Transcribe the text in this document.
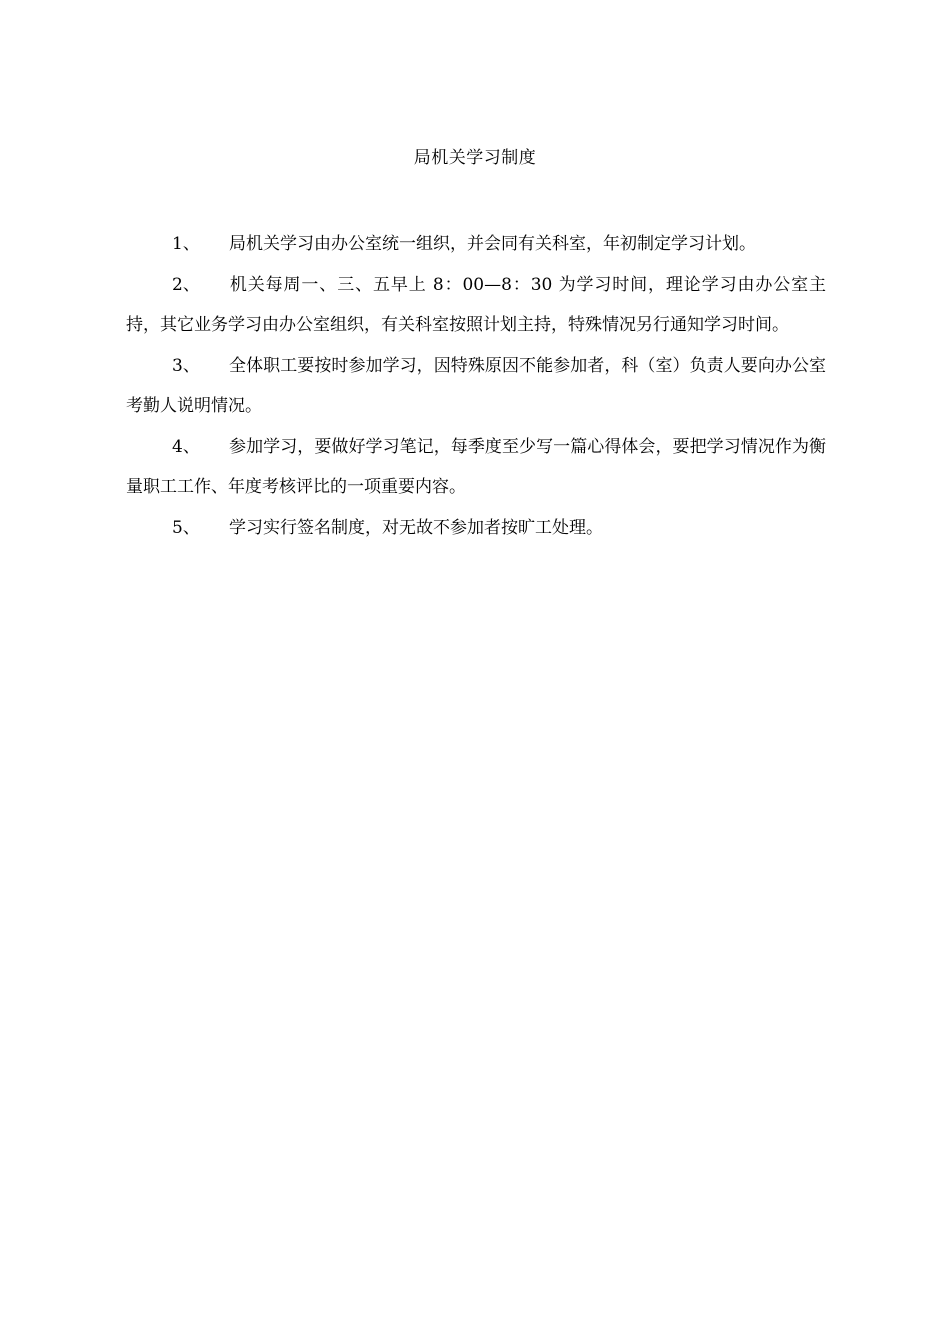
局机关学习制度

1、 局机关学习由办公室统一组织，并会同有关科室，年初制定学习计划。

2、 机关每周一、三、五早上 8：00—8：30 为学习时间，理论学习由办公室主持，其它业务学习由办公室组织，有关科室按照计划主持，特殊情况另行通知学习时间。

3、 全体职工要按时参加学习，因特殊原因不能参加者，科（室）负责人要向办公室考勤人说明情况。

4、 参加学习，要做好学习笔记，每季度至少写一篇心得体会，要把学习情况作为衡量职工工作、年度考核评比的一项重要内容。

5、 学习实行签名制度，对无故不参加者按旷工处理。
